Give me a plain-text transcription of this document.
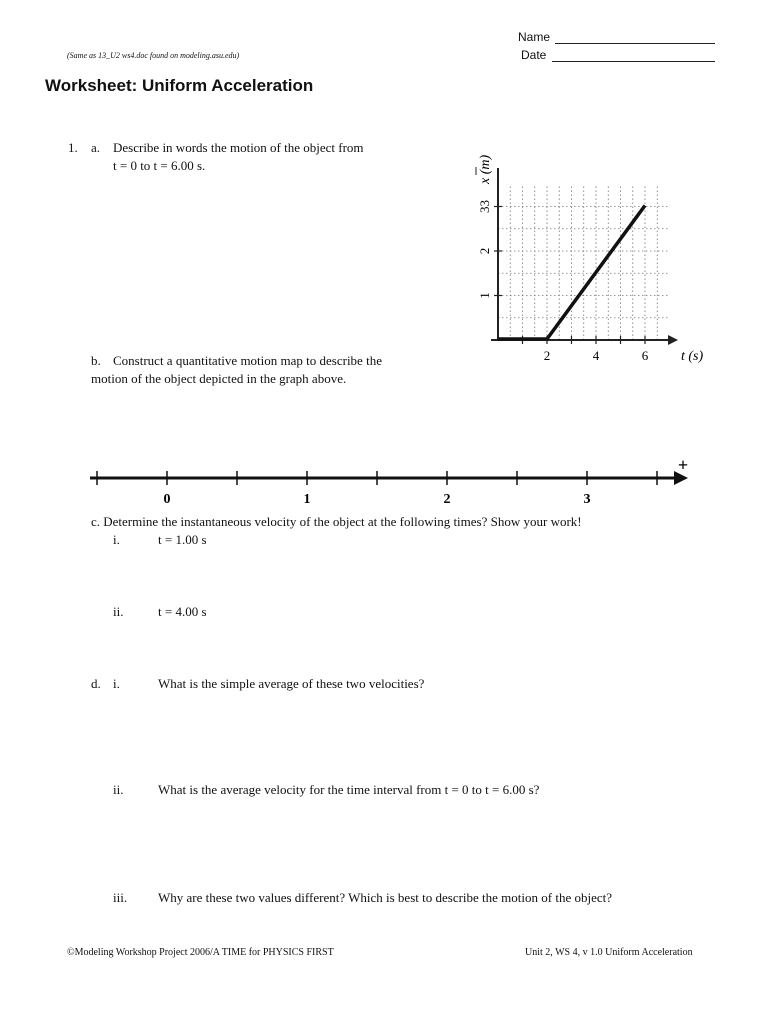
Name
Date
(Same as 13_U2 ws4.doc found on modeling.asu.edu)
Worksheet: Uniform Acceleration
1. a. Describe in words the motion of the object from
t = 0 to t = 6.00 s.
2	4	6
1
2
33
t (s)
x (m)
b. Construct a quantitative motion map to describe the
motion of the object depicted in the graph above.
0	1	2	3
+
c. Determine the instantaneous velocity of the object at the following times? Show your work!
i.	t = 1.00 s
ii.	t = 4.00 s
d. i.	What is the simple average of these two velocities?
ii.	What is the average velocity for the time interval from t = 0 to t = 6.00 s?
iii. Why are these two values different? Which is best to describe the motion of the object?
©Modeling Workshop Project 2006/A TIME for PHYSICS FIRST	Unit 2, WS 4, v 1.0 Uniform Acceleration
